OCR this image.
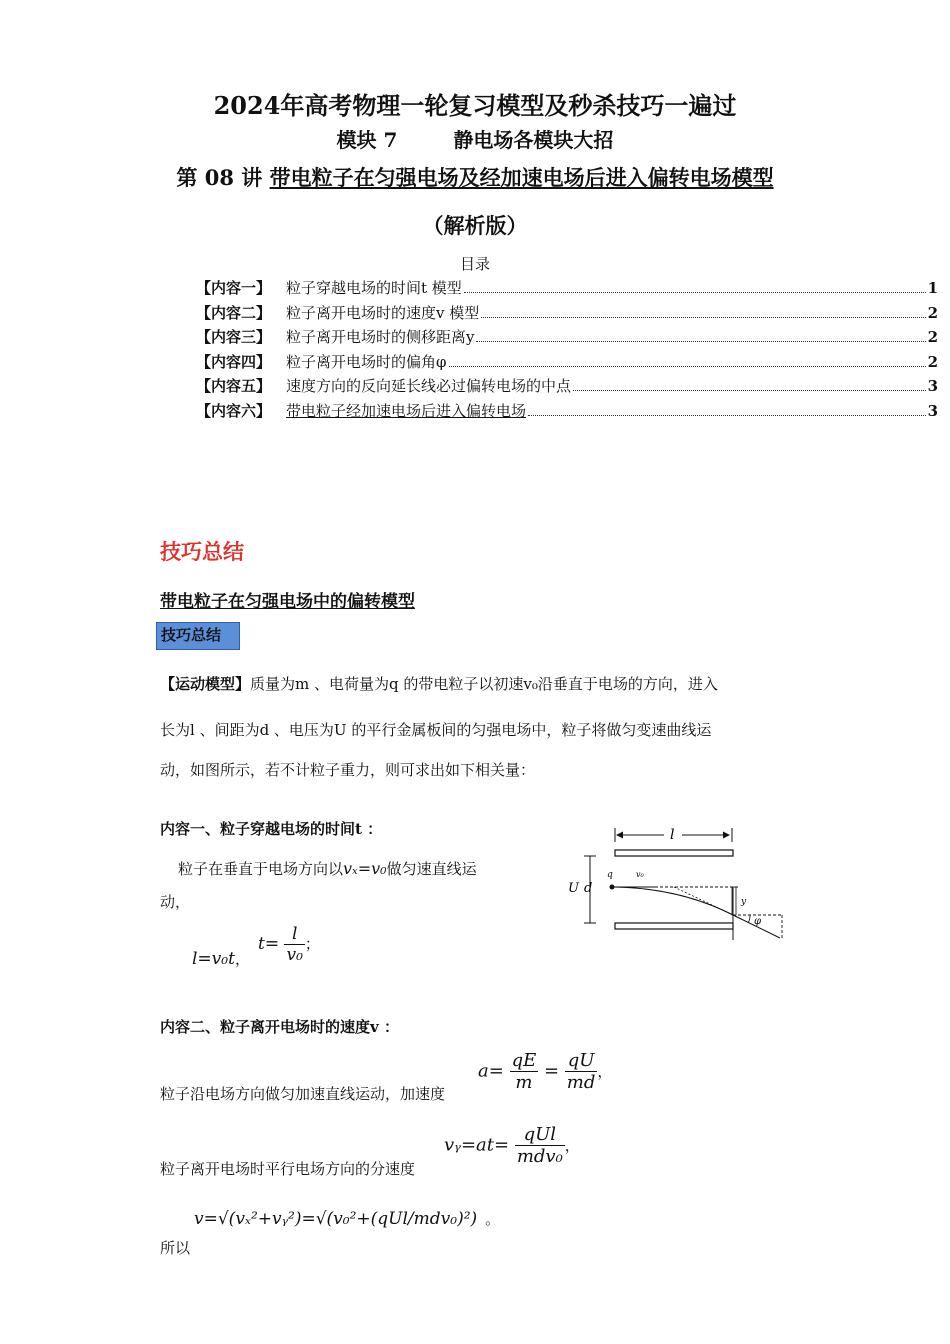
2024年高考物理一轮复习模型及秒杀技巧一遍过
模块 7	静电场各模块大招
第 08 讲 带电粒子在匀强电场及经加速电场后进入偏转电场模型
（解析版）
目录
【内容一】 粒子穿越电场的时间t 模型	1
【内容二】 粒子离开电场时的速度v 模型	2
【内容三】 粒子离开电场时的侧移距离y	2
【内容四】 粒子离开电场时的偏角φ	2
【内容五】 速度方向的反向延长线必过偏转电场的中点	3
【内容六】 带电粒子经加速电场后进入偏转电场	3
技巧总结
带电粒子在匀强电场中的偏转模型
技巧总结
【运动模型】质量为m 、电荷量为q 的带电粒子以初速v₀沿垂直于电场的方向，进入
长为l 、间距为d 、电压为U 的平行金属板间的匀强电场中，粒子将做匀变速曲线运
动，如图所示，若不计粒子重力，则可求出如下相关量：
内容一、粒子穿越电场的时间t ：
粒子在垂直于电场方向以vₓ=v₀做匀速直线运
动，
l=v₀t，
$t= \frac{l}{\text{v₀}}$ ；
l
U d
q	v₀
y
φ
内容二、粒子离开电场时的速度v ：
粒子沿电场方向做匀加速直线运动，加速度
$a= \frac{qE}{m} = \frac{qU}{md}$ ，
粒子离开电场时平行电场方向的分速度
vᵧ=at= $\frac{\text{qUl}}{\text{mdv₀}}$ ，
所以
v=√(vₓ²+vᵧ²)=√(v₀²+(qUl/mdv₀)²) 。
